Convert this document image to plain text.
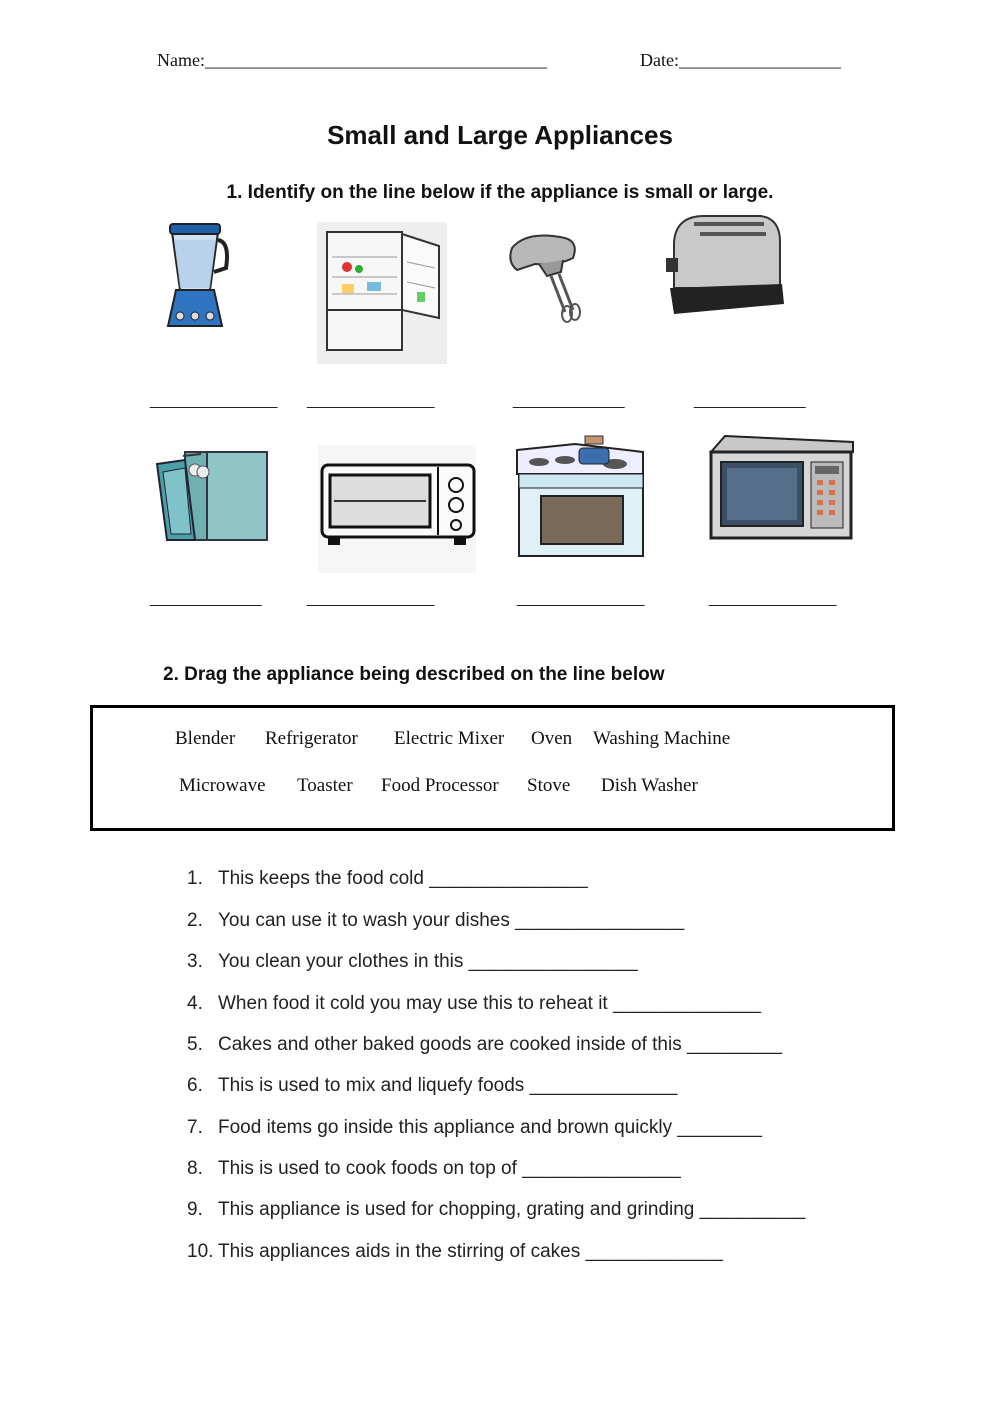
Name:______________________________________	Date:__________________
Small and Large Appliances
1. Identify on the line below if the appliance is small or large.
________________ ________________	______________	______________
______________	________________	________________	________________
2. Drag the appliance being described on the line below
Blender Refrigerator Electric Mixer Oven Washing Machine
Microwave Toaster Food Processor Stove Dish Washer
1. This keeps the food cold _______________
2. You can use it to wash your dishes ________________
3. You clean your clothes in this ________________
4. When food it cold you may use this to reheat it ______________
5. Cakes and other baked goods are cooked inside of this _________
6. This is used to mix and liquefy foods ______________
7. Food items go inside this appliance and brown quickly ________
8. This is used to cook foods on top of _______________
9. This appliance is used for chopping, grating and grinding __________
10. This appliances aids in the stirring of cakes _____________
